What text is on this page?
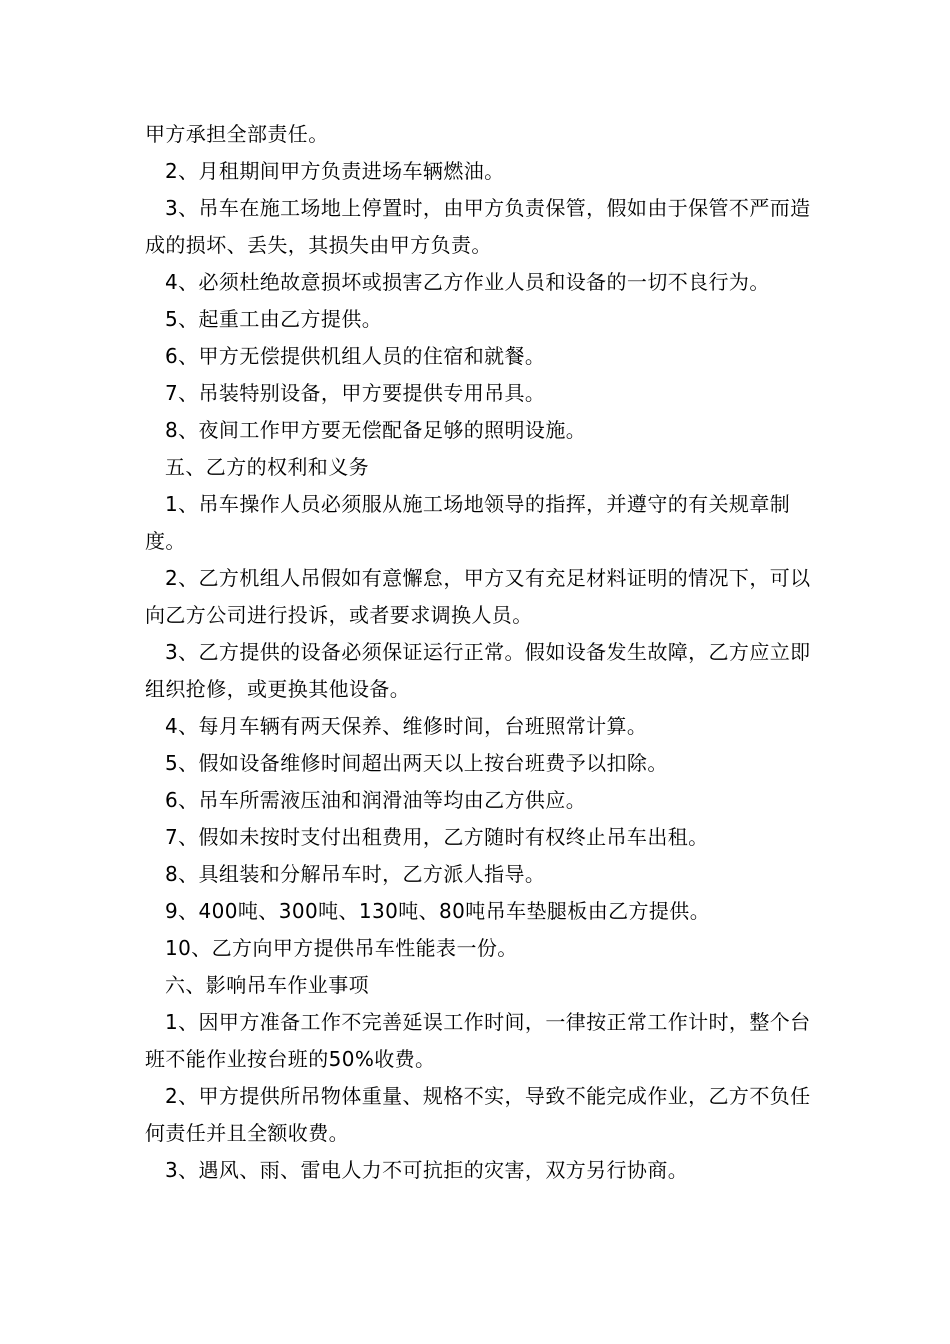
甲方承担全部责任。

2、月租期间甲方负责进场车辆燃油。

3、吊车在施工场地上停置时，由甲方负责保管，假如由于保管不严而造成的损坏、丢失，其损失由甲方负责。

4、必须杜绝故意损坏或损害乙方作业人员和设备的一切不良行为。

5、起重工由乙方提供。

6、甲方无偿提供机组人员的住宿和就餐。

7、吊装特别设备，甲方要提供专用吊具。

8、夜间工作甲方要无偿配备足够的照明设施。

五、乙方的权利和义务

1、吊车操作人员必须服从施工场地领导的指挥，并遵守的有关规章制度。

2、乙方机组人吊假如有意懈怠，甲方又有充足材料证明的情况下，可以向乙方公司进行投诉，或者要求调换人员。

3、乙方提供的设备必须保证运行正常。假如设备发生故障，乙方应立即组织抢修，或更换其他设备。

4、每月车辆有两天保养、维修时间，台班照常计算。

5、假如设备维修时间超出两天以上按台班费予以扣除。

6、吊车所需液压油和润滑油等均由乙方供应。

7、假如未按时支付出租费用，乙方随时有权终止吊车出租。

8、具组装和分解吊车时，乙方派人指导。

9、400吨、300吨、130吨、80吨吊车垫腿板由乙方提供。

10、乙方向甲方提供吊车性能表一份。

六、影响吊车作业事项

1、因甲方准备工作不完善延误工作时间，一律按正常工作计时，整个台班不能作业按台班的50%收费。

2、甲方提供所吊物体重量、规格不实，导致不能完成作业，乙方不负任何责任并且全额收费。

3、遇风、雨、雷电人力不可抗拒的灾害，双方另行协商。
